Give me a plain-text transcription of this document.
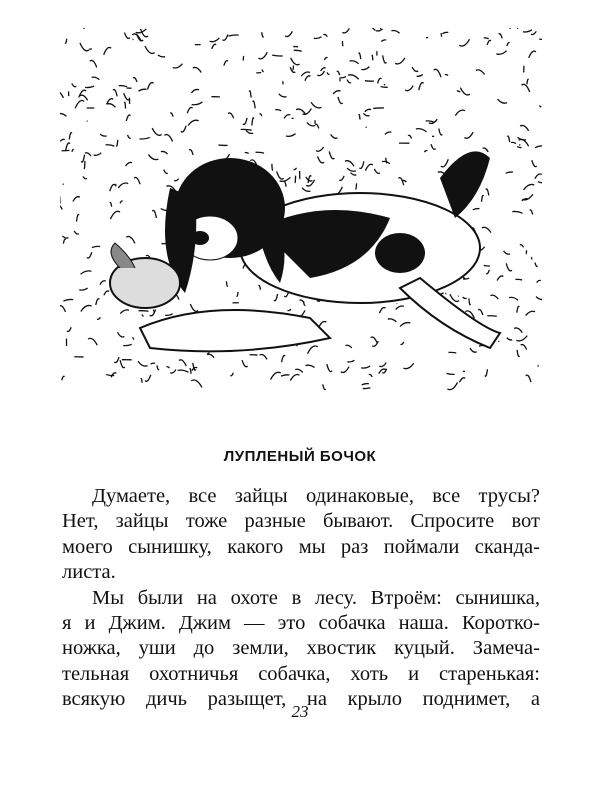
ЛУПЛЕНЫЙ БОЧОК
Думаете, все зайцы одинаковые, все трусы?
Нет, зайцы тоже разные бывают. Спросите вот
моего сынишку, какого мы раз поймали сканда-
листа.
Мы были на охоте в лесу. Втроём: сынишка,
я и Джим. Джим — это собачка наша. Коротко-
ножка, уши до земли, хвостик куцый. Замеча-
тельная охотничья собачка, хоть и старенькая:
всякую дичь разыщет, на крыло поднимет, а
23
